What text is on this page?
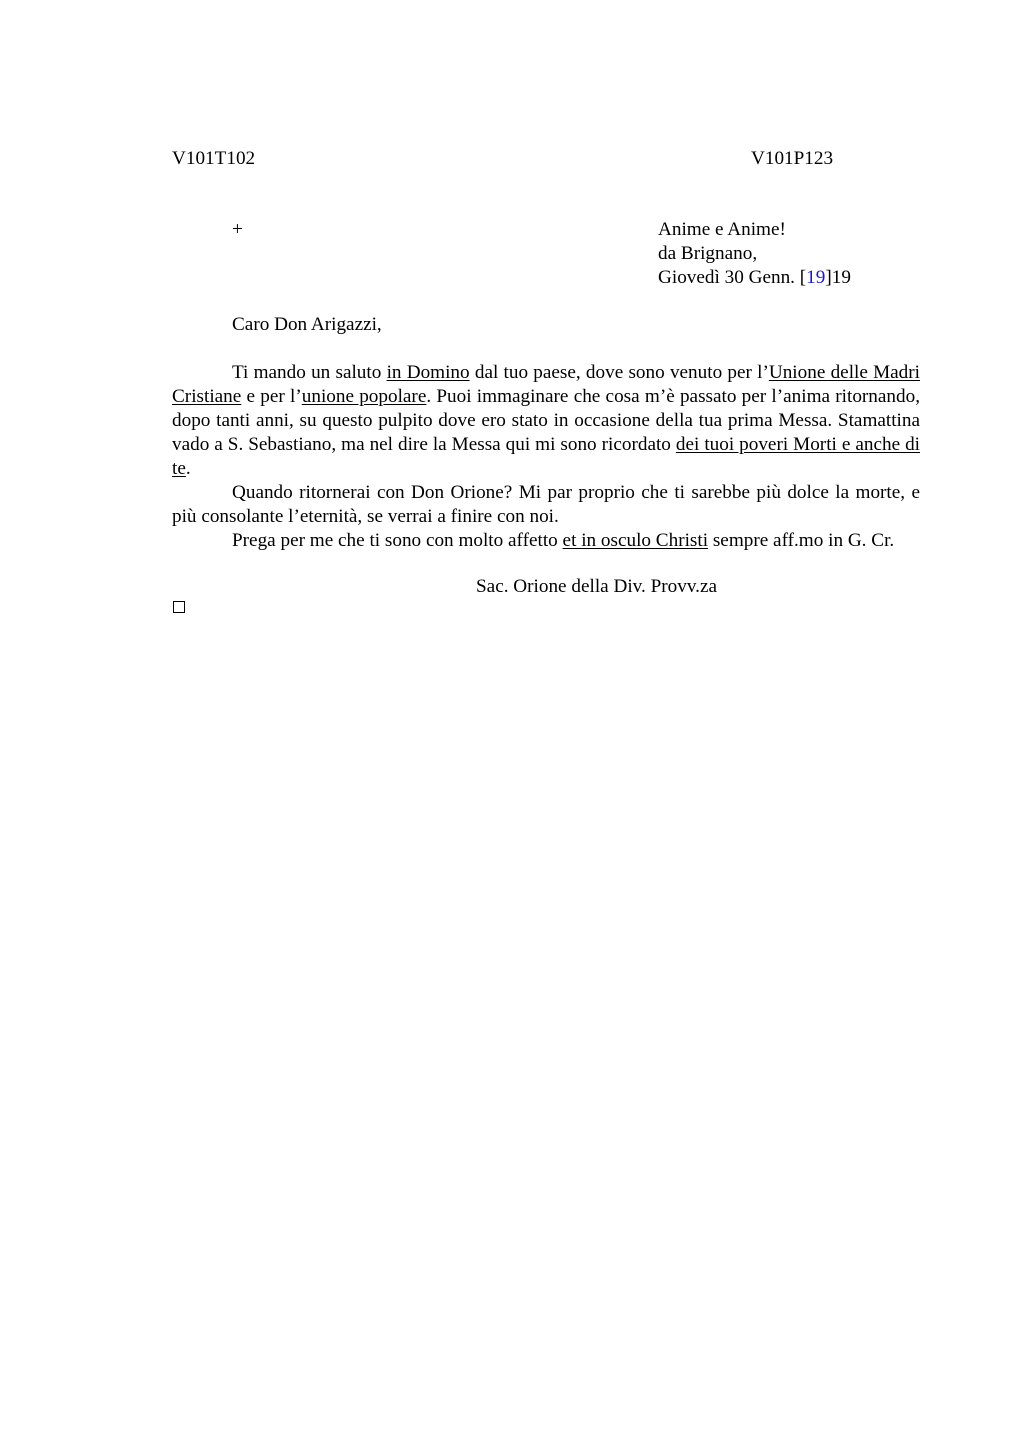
V101T102	V101P123
+	Anime e Anime!
da Brignano,
Giovedì 30 Genn. [19]19
Caro Don Arigazzi,

Ti mando un saluto in Domino dal tuo paese, dove sono venuto per l’Unione delle Madri Cristiane e per l’unione popolare. Puoi immaginare che cosa m’è passato per l’anima ritornando, dopo tanti anni, su questo pulpito dove ero stato in occasione della tua prima Messa. Stamattina vado a S. Sebastiano, ma nel dire la Messa qui mi sono ricordato dei tuoi poveri Morti e anche di te.

Quando ritornerai con Don Orione? Mi par proprio che ti sarebbe più dolce la morte, e più consolante l’eternità, se verrai a finire con noi.

Prega per me che ti sono con molto affetto et in osculo Christi sempre aff.mo in G. Cr.

Sac. Orione della Div. Provv.za
